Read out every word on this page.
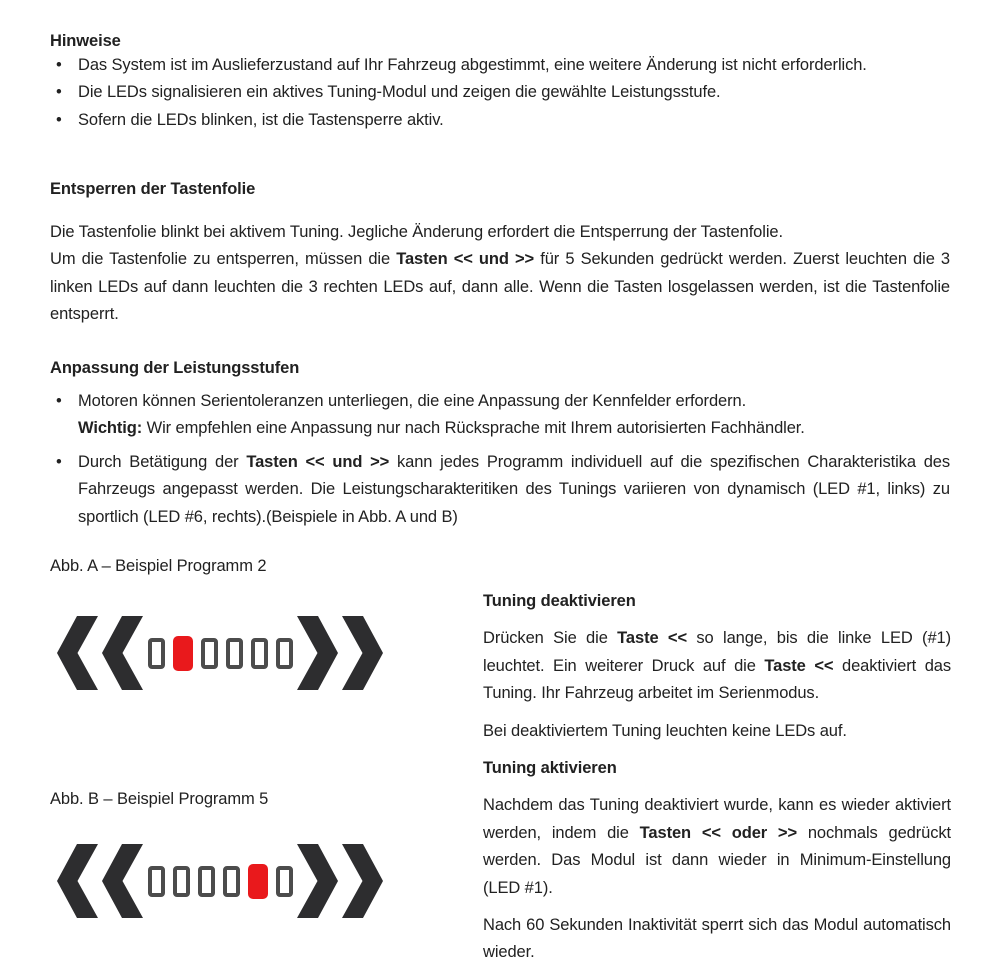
Hinweise
• Das System ist im Auslieferzustand auf Ihr Fahrzeug abgestimmt, eine weitere Änderung ist nicht erforderlich.
• Die LEDs signalisieren ein aktives Tuning-Modul und zeigen die gewählte Leistungsstufe.
• Sofern die LEDs blinken, ist die Tastensperre aktiv.
Entsperren der Tastenfolie

Die Tastenfolie blinkt bei aktivem Tuning. Jegliche Änderung erfordert die Entsperrung der Tastenfolie.
Um die Tastenfolie zu entsperren, müssen die Tasten << und >> für 5 Sekunden gedrückt werden. Zuerst leuchten die 3 linken LEDs auf dann leuchten die 3 rechten LEDs auf, dann alle. Wenn die Tasten losgelassen werden, ist die Tastenfolie entsperrt.

Anpassung der Leistungsstufen
• Motoren können Serientoleranzen unterliegen, die eine Anpassung der Kennfelder erfordern.
Wichtig: Wir empfehlen eine Anpassung nur nach Rücksprache mit Ihrem autorisierten Fachhändler.
• Durch Betätigung der Tasten << und >> kann jedes Programm individuell auf die spezifischen Charakteristika des Fahrzeugs angepasst werden. Die Leistungscharakteritiken des Tunings variieren von dynamisch (LED #1, links) zu sportlich (LED #6, rechts).(Beispiele in Abb. A und B)
Abb. A – Beispiel Programm 2
Abb. B – Beispiel Programm 5
Tuning deaktivieren

Drücken Sie die Taste << so lange, bis die linke LED (#1) leuchtet. Ein weiterer Druck auf die Taste << deaktiviert das Tuning. Ihr Fahrzeug arbeitet im Serienmodus.

Bei deaktiviertem Tuning leuchten keine LEDs auf.

Tuning aktivieren

Nachdem das Tuning deaktiviert wurde, kann es wieder aktiviert werden, indem die Tasten << oder >> nochmals gedrückt werden. Das Modul ist dann wieder in Minimum-Einstellung (LED #1).

Nach 60 Sekunden Inaktivität sperrt sich das Modul automatisch wieder.
